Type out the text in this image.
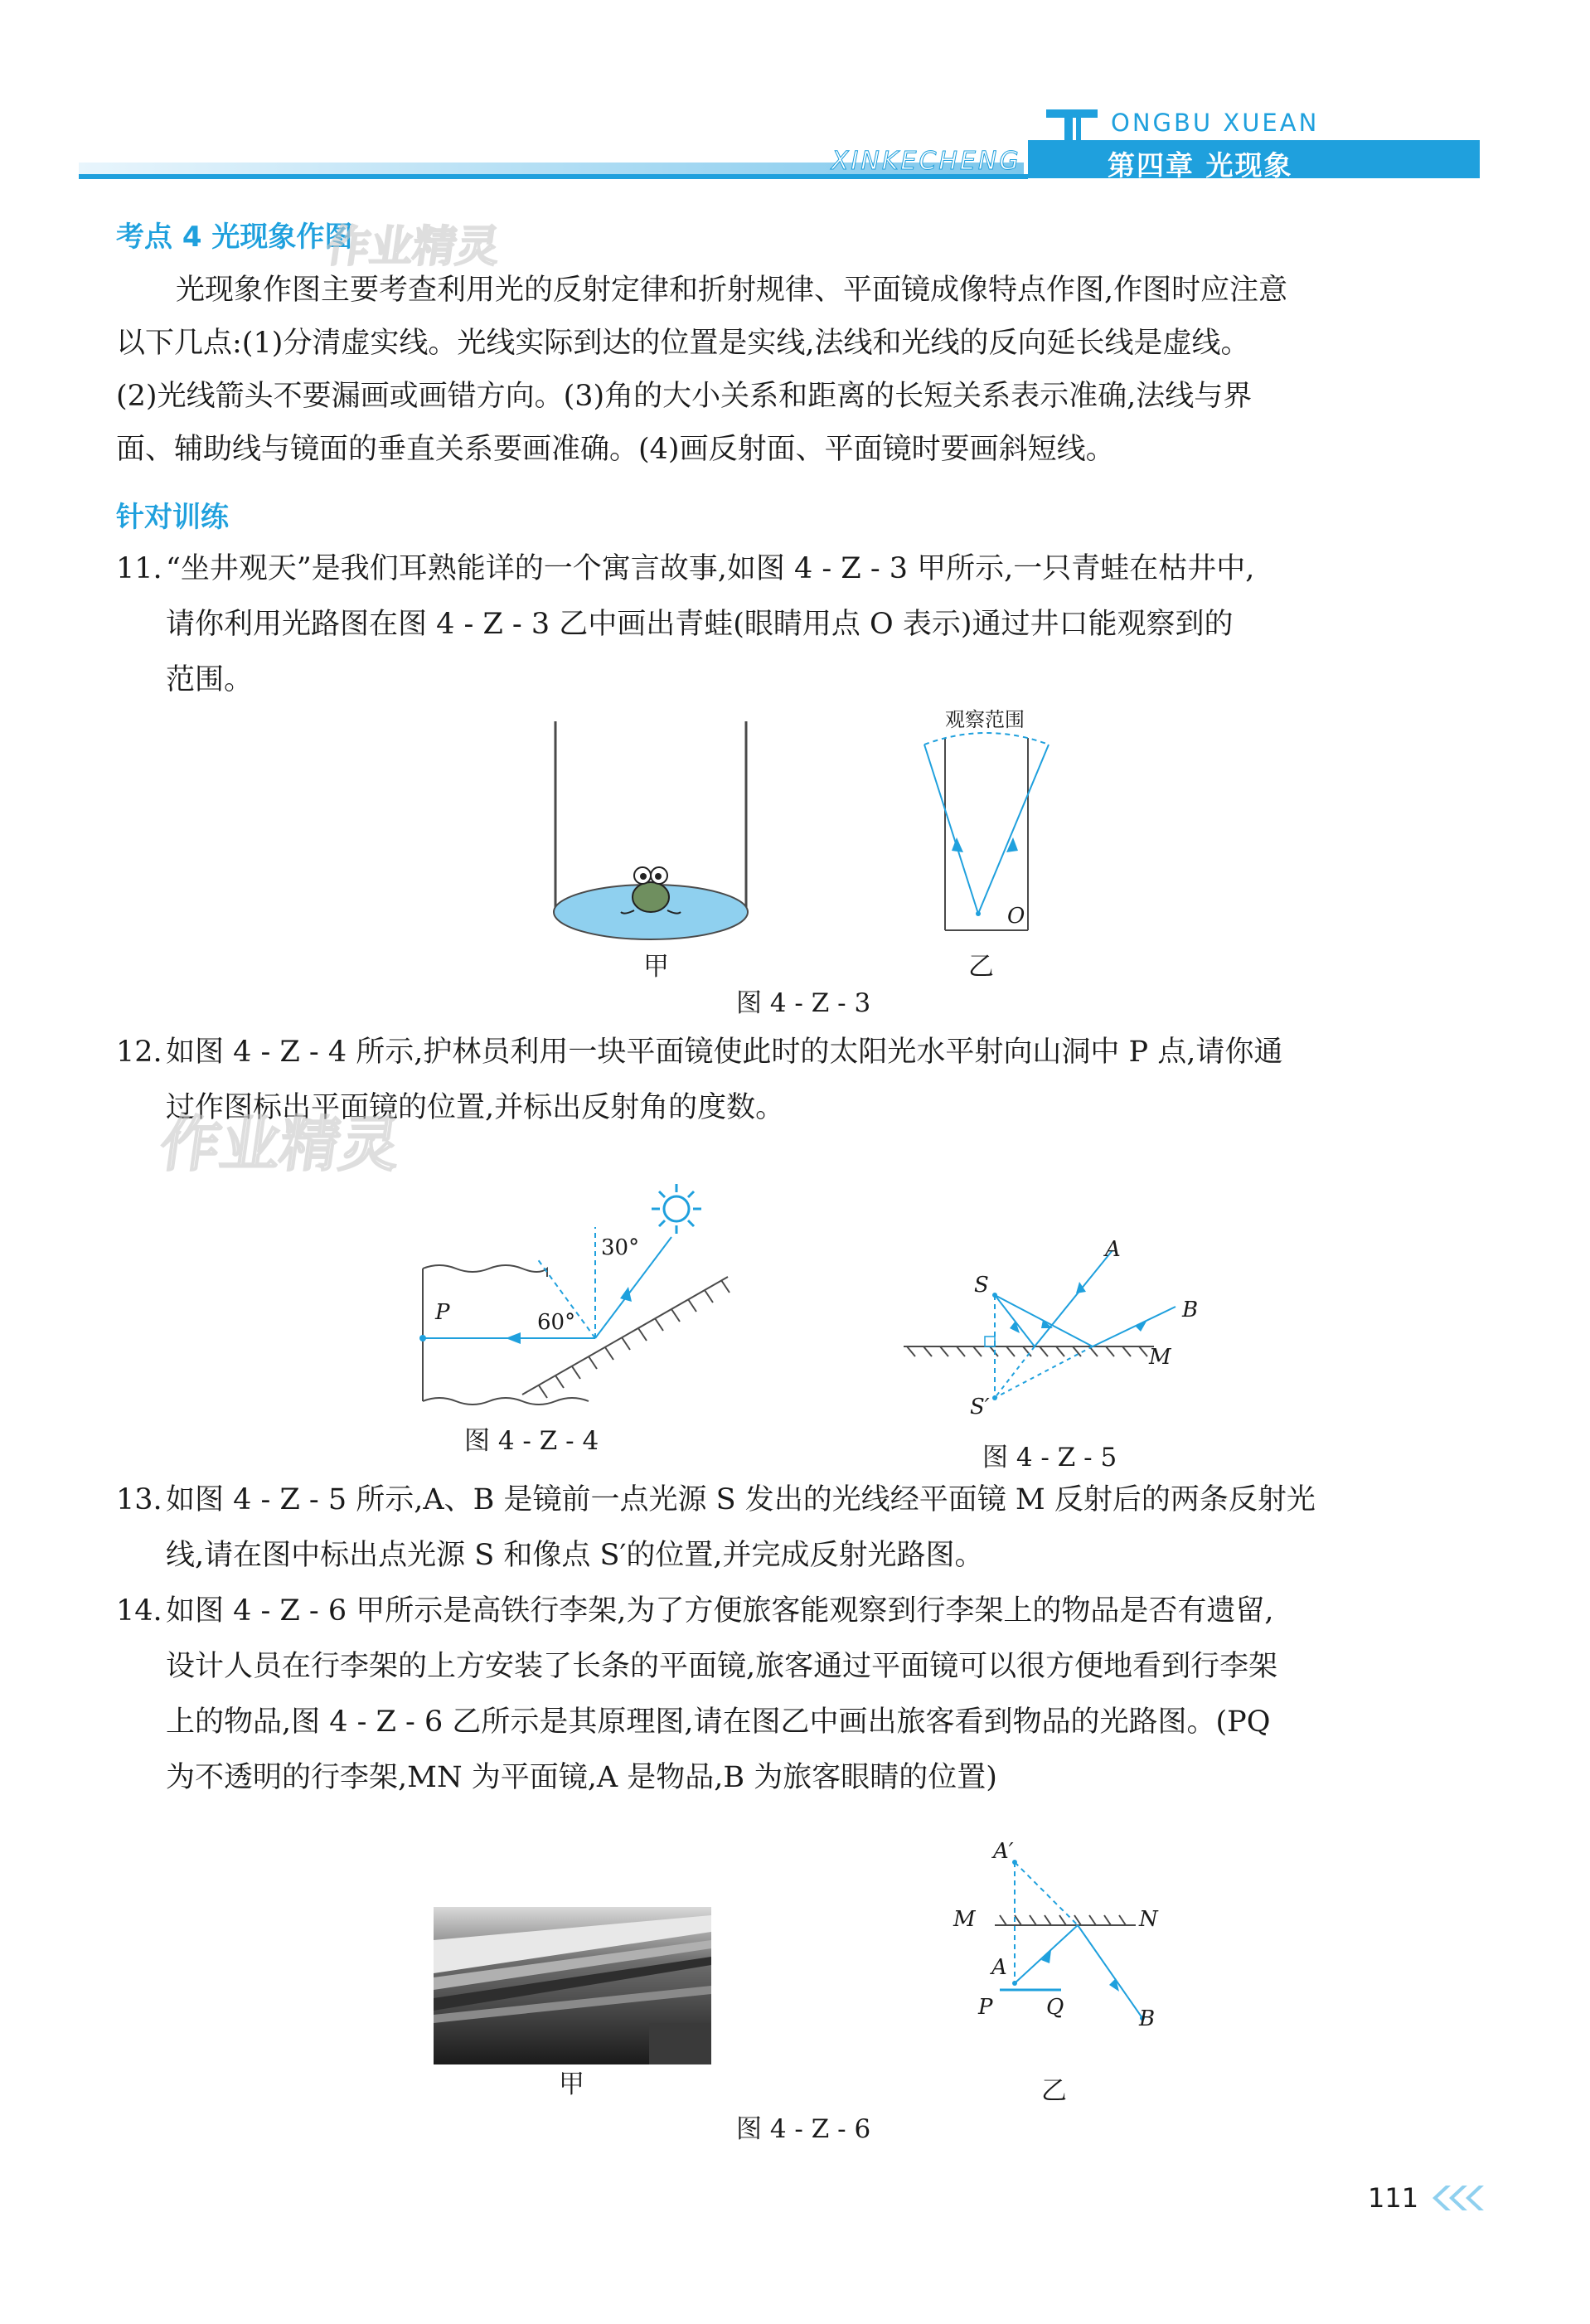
ONGBU XUEAN
XINKECHENG	第四章 光现象
考点 4 光现象作图
作业精灵
光现象作图主要考查利用光的反射定律和折射规律、平面镜成像特点作图,作图时应注意
以下几点:(1)分清虚实线。光线实际到达的位置是实线,法线和光线的反向延长线是虚线。
(2)光线箭头不要漏画或画错方向。(3)角的大小关系和距离的长短关系表示准确,法线与界
面、辅助线与镜面的垂直关系要画准确。(4)画反射面、平面镜时要画斜短线。
针对训练
11. “坐井观天”是我们耳熟能详的一个寓言故事,如图 4 - Z - 3 甲所示,一只青蛙在枯井中,
请你利用光路图在图 4 - Z - 3 乙中画出青蛙(眼睛用点 O 表示)通过井口能观察到的
范围。
观察范围
O
甲	乙
图 4 - Z - 3
12. 如图 4 - Z - 4 所示,护林员利用一块平面镜使此时的太阳光水平射向山洞中 P 点,请你通
过作图标出平面镜的位置,并标出反射角的度数。
作业精灵
30°
60°
P
图 4 - Z - 4
S
S′
A
B
M
图 4 - Z - 5
13. 如图 4 - Z - 5 所示,A、B 是镜前一点光源 S 发出的光线经平面镜 M 反射后的两条反射光
线,请在图中标出点光源 S 和像点 S′的位置,并完成反射光路图。
14. 如图 4 - Z - 6 甲所示是高铁行李架,为了方便旅客能观察到行李架上的物品是否有遗留,
设计人员在行李架的上方安装了长条的平面镜,旅客通过平面镜可以很方便地看到行李架
上的物品,图 4 - Z - 6 乙所示是其原理图,请在图乙中画出旅客看到物品的光路图。(PQ
为不透明的行李架,MN 为平面镜,A 是物品,B 为旅客眼睛的位置)
甲
A′
A
M	N
P Q	B
乙
图 4 - Z - 6
111
